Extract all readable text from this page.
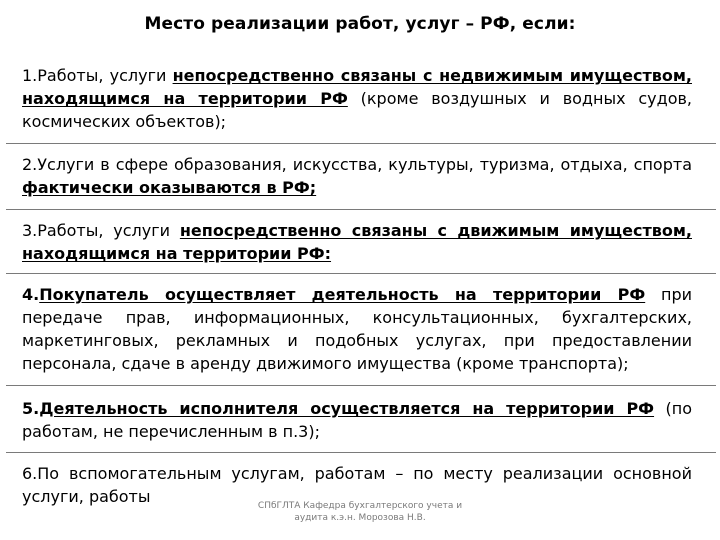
Место реализации работ, услуг – РФ, если:
1.Работы, услуги непосредственно связаны с недвижимым имуществом, находящимся на территории РФ (кроме воздушных и водных судов, космических объектов);
2.Услуги в сфере образования, искусства, культуры, туризма, отдыха, спорта фактически оказываются в РФ;
3.Работы, услуги непосредственно связаны с движимым имуществом, находящимся на территории РФ:
4.Покупатель осуществляет деятельность на территории РФ при передаче прав, информационных, консультационных, бухгалтерских, маркетинговых, рекламных и подобных услугах, при предоставлении персонала, сдаче в аренду движимого имущества (кроме транспорта);
5.Деятельность исполнителя осуществляется на территории РФ (по работам, не перечисленным в п.3);
6.По вспомогательным услугам, работам – по месту реализации основной услуги, работы	СПбГЛТА Кафедра бухгалтерского учета и
аудита к.э.н. Морозова Н.В.
